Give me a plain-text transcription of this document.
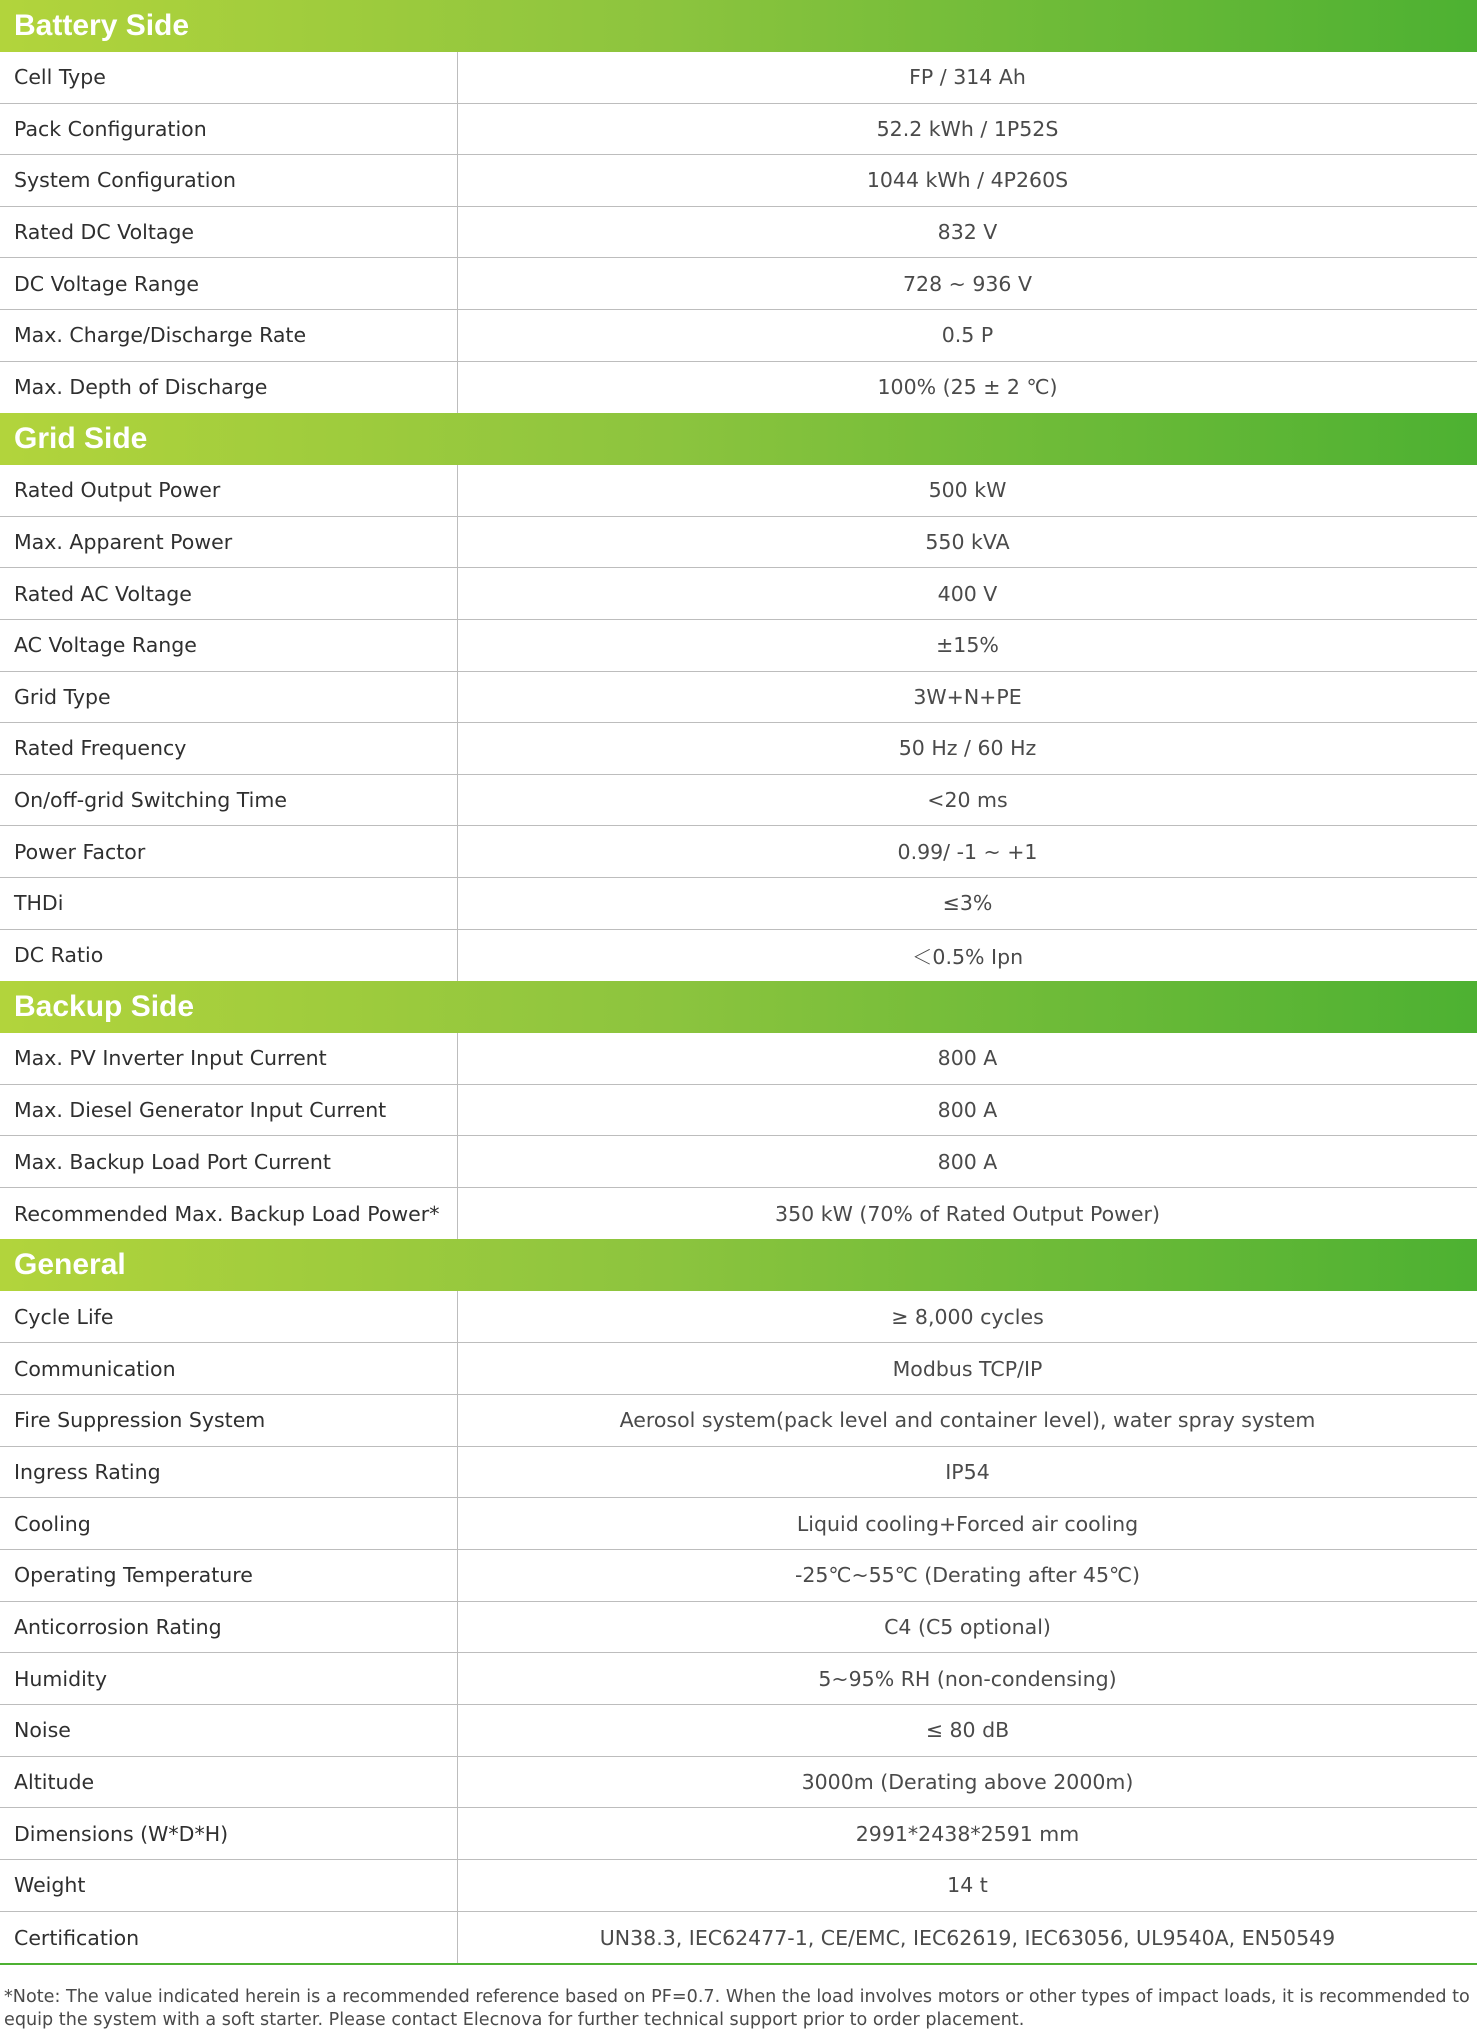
Battery Side
Cell Type	FP / 314 Ah
Pack Configuration	52.2 kWh / 1P52S
System Configuration	1044 kWh / 4P260S
Rated DC Voltage	832 V
DC Voltage Range	728 ~ 936 V
Max. Charge/Discharge Rate	0.5 P
Max. Depth of Discharge	100% (25 ± 2 ℃)
Grid Side
Rated Output Power	500 kW
Max. Apparent Power	550 kVA
Rated AC Voltage	400 V
AC Voltage Range	±15%
Grid Type	3W+N+PE
Rated Frequency	50 Hz / 60 Hz
On/off-grid Switching Time	<20 ms
Power Factor	0.99/ -1 ~ +1
THDi	≤3%
DC Ratio	＜0.5% Ipn
Backup Side
Max. PV Inverter Input Current	800 A
Max. Diesel Generator Input Current	800 A
Max. Backup Load Port Current	800 A
Recommended Max. Backup Load Power*	350 kW (70% of Rated Output Power)
General
Cycle Life	≥ 8,000 cycles
Communication	Modbus TCP/IP
Fire Suppression System	Aerosol system(pack level and container level), water spray system
Ingress Rating	IP54
Cooling	Liquid cooling+Forced air cooling
Operating Temperature	-25℃~55℃ (Derating after 45℃)
Anticorrosion Rating	C4 (C5 optional)
Humidity	5~95% RH (non-condensing)
Noise	≤ 80 dB
Altitude	3000m (Derating above 2000m)
Dimensions (W*D*H)	2991*2438*2591 mm
Weight	14 t
Certification	UN38.3, IEC62477-1, CE/EMC, IEC62619, IEC63056, UL9540A, EN50549
*Note: The value indicated herein is a recommended reference based on PF=0.7. When the load involves motors or other types of impact loads, it is recommended to equip the system with a soft starter. Please contact Elecnova for further technical support prior to order placement.
